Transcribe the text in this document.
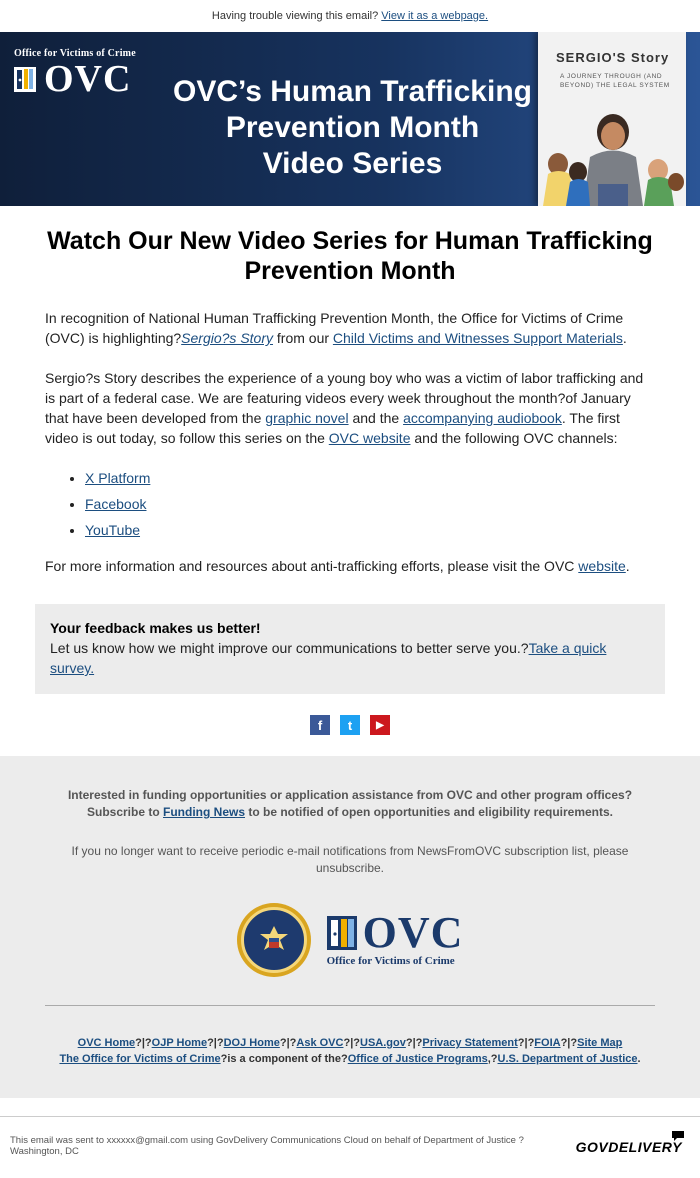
Having trouble viewing this email? View it as a webpage.
Office for Victims of Crime
OVC	OVC’s Human Trafficking
Prevention Month
Video Series
SERGIO'S Story
A JOURNEY THROUGH (AND BEYOND) THE LEGAL SYSTEM
Watch Our New Video Series for Human Trafficking Prevention Month

In recognition of National Human Trafficking Prevention Month, the Office for Victims of Crime (OVC) is highlighting?Sergio?s Story from our Child Victims and Witnesses Support Materials.

Sergio?s Story describes the experience of a young boy who was a victim of labor trafficking and is part of a federal case. We are featuring videos every week throughout the month?of January that have been developed from the graphic novel and the accompanying audiobook. The first video is out today, so follow this series on the OVC website and the following OVC channels:

• X Platform
• Facebook
• YouTube

For more information and resources about anti-trafficking efforts, please visit the OVC website.

Your feedback makes us better!
Let us know how we might improve our communications to better serve you.?Take a quick survey.
f	t	▶
Interested in funding opportunities or application assistance from OVC and other program offices?
Subscribe to Funding News to be notified of open opportunities and eligibility requirements.
If you no longer want to receive periodic e-mail notifications from NewsFromOVC subscription list, please unsubscribe.
OVC
Office for Victims of Crime
OVC Home?|?OJP Home?|?DOJ Home?|?Ask OVC?|?USA.gov?|?Privacy Statement?|?FOIA?|?Site Map
The Office for Victims of Crime?is a component of the?Office of Justice Programs,?U.S. Department of Justice.
This email was sent to xxxxxx@gmail.com using GovDelivery Communications Cloud on behalf of Department of Justice ?Washington, DC	GOVDELIVERY
